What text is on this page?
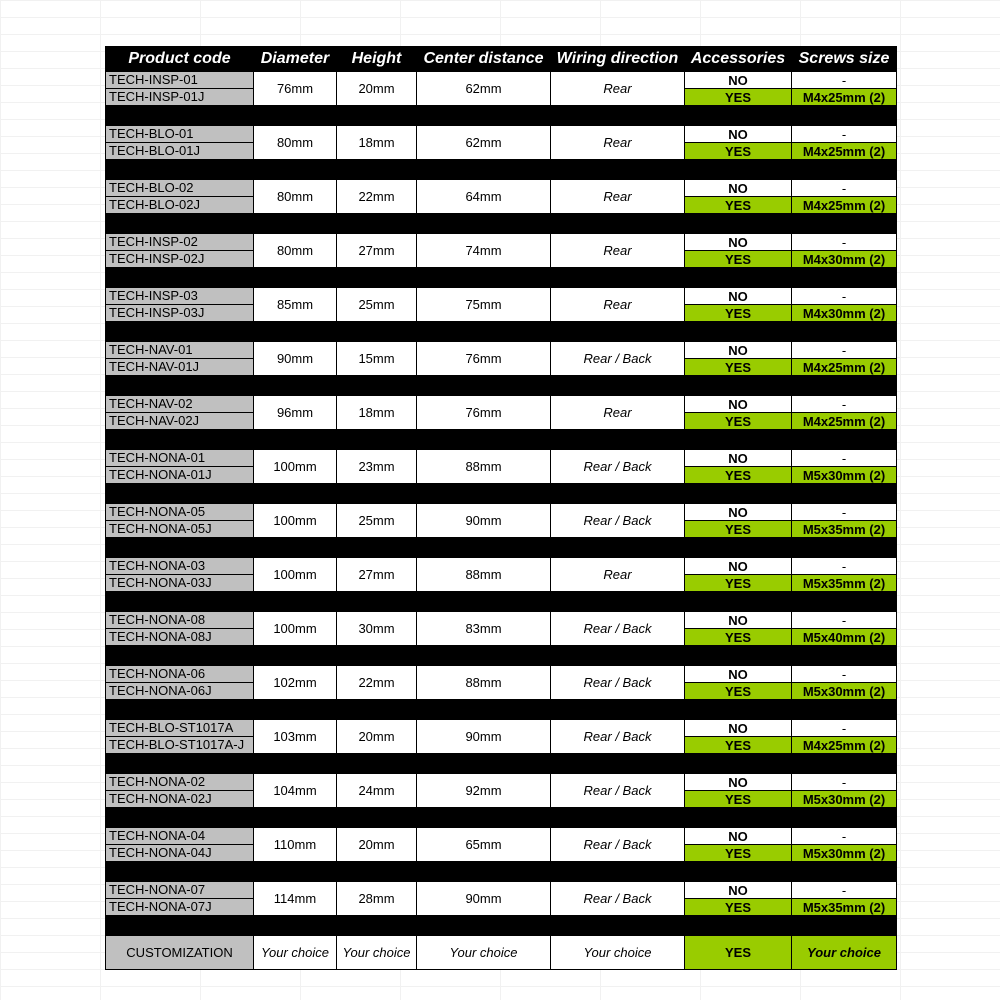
Product code	Diameter	Height	Center distance	Wiring direction	Accessories	Screws size
TECH-INSP-01	76mm	20mm	62mm	Rear	NO	-
TECH-INSP-01J					YES	M4x25mm (2)

TECH-BLO-01	80mm	18mm	62mm	Rear	NO	-
TECH-BLO-01J					YES	M4x25mm (2)

TECH-BLO-02	80mm	22mm	64mm	Rear	NO	-
TECH-BLO-02J					YES	M4x25mm (2)

TECH-INSP-02	80mm	27mm	74mm	Rear	NO	-
TECH-INSP-02J					YES	M4x30mm (2)

TECH-INSP-03	85mm	25mm	75mm	Rear	NO	-
TECH-INSP-03J					YES	M4x30mm (2)

TECH-NAV-01	90mm	15mm	76mm	Rear / Back	NO	-
TECH-NAV-01J					YES	M4x25mm (2)

TECH-NAV-02	96mm	18mm	76mm	Rear	NO	-
TECH-NAV-02J					YES	M4x25mm (2)

TECH-NONA-01	100mm	23mm	88mm	Rear / Back	NO	-
TECH-NONA-01J					YES	M5x30mm (2)

TECH-NONA-05	100mm	25mm	90mm	Rear / Back	NO	-
TECH-NONA-05J					YES	M5x35mm (2)

TECH-NONA-03	100mm	27mm	88mm	Rear	NO	-
TECH-NONA-03J					YES	M5x35mm (2)

TECH-NONA-08	100mm	30mm	83mm	Rear / Back	NO	-
TECH-NONA-08J					YES	M5x40mm (2)

TECH-NONA-06	102mm	22mm	88mm	Rear / Back	NO	-
TECH-NONA-06J					YES	M5x30mm (2)

TECH-BLO-ST1017A	103mm	20mm	90mm	Rear / Back	NO	-
TECH-BLO-ST1017A-J					YES	M4x25mm (2)

TECH-NONA-02	104mm	24mm	92mm	Rear / Back	NO	-
TECH-NONA-02J					YES	M5x30mm (2)

TECH-NONA-04	110mm	20mm	65mm	Rear / Back	NO	-
TECH-NONA-04J					YES	M5x30mm (2)

TECH-NONA-07	114mm	28mm	90mm	Rear / Back	NO	-
TECH-NONA-07J					YES	M5x35mm (2)

CUSTOMIZATION	Your choice	Your choice	Your choice	Your choice	YES	Your choice
